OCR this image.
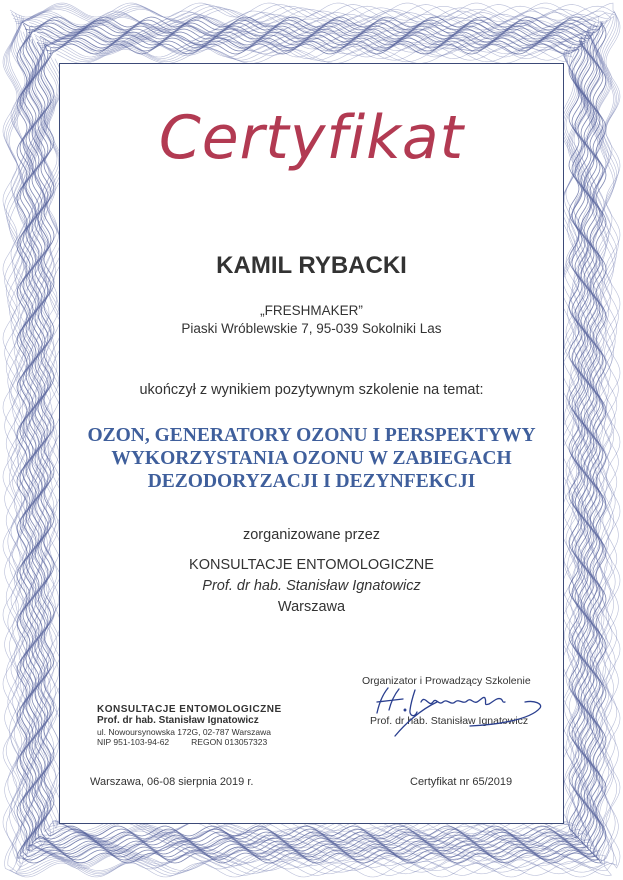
Certyfikat
KAMIL RYBACKI
„FRESHMAKER”
Piaski Wróblewskie 7, 95-039 Sokolniki Las
ukończył z wynikiem pozytywnym szkolenie na temat:
OZON, GENERATORY OZONU I PERSPEKTYWY
WYKORZYSTANIA OZONU W ZABIEGACH
DEZODORYZACJI I DEZYNFEKCJI
zorganizowane przez
KONSULTACJE ENTOMOLOGICZNE
Prof. dr hab. Stanisław Ignatowicz
Warszawa
KONSULTACJE ENTOMOLOGICZNE
Prof. dr hab. Stanisław Ignatowicz
ul. Nowoursynowska 172G, 02-787 Warszawa
NIP 951-103-94-62	REGON 013057323
Organizator i Prowadzący Szkolenie
Prof. dr hab. Stanisław Ignatowicz
Warszawa, 06-08 sierpnia 2019 r.	Certyfikat nr 65/2019
